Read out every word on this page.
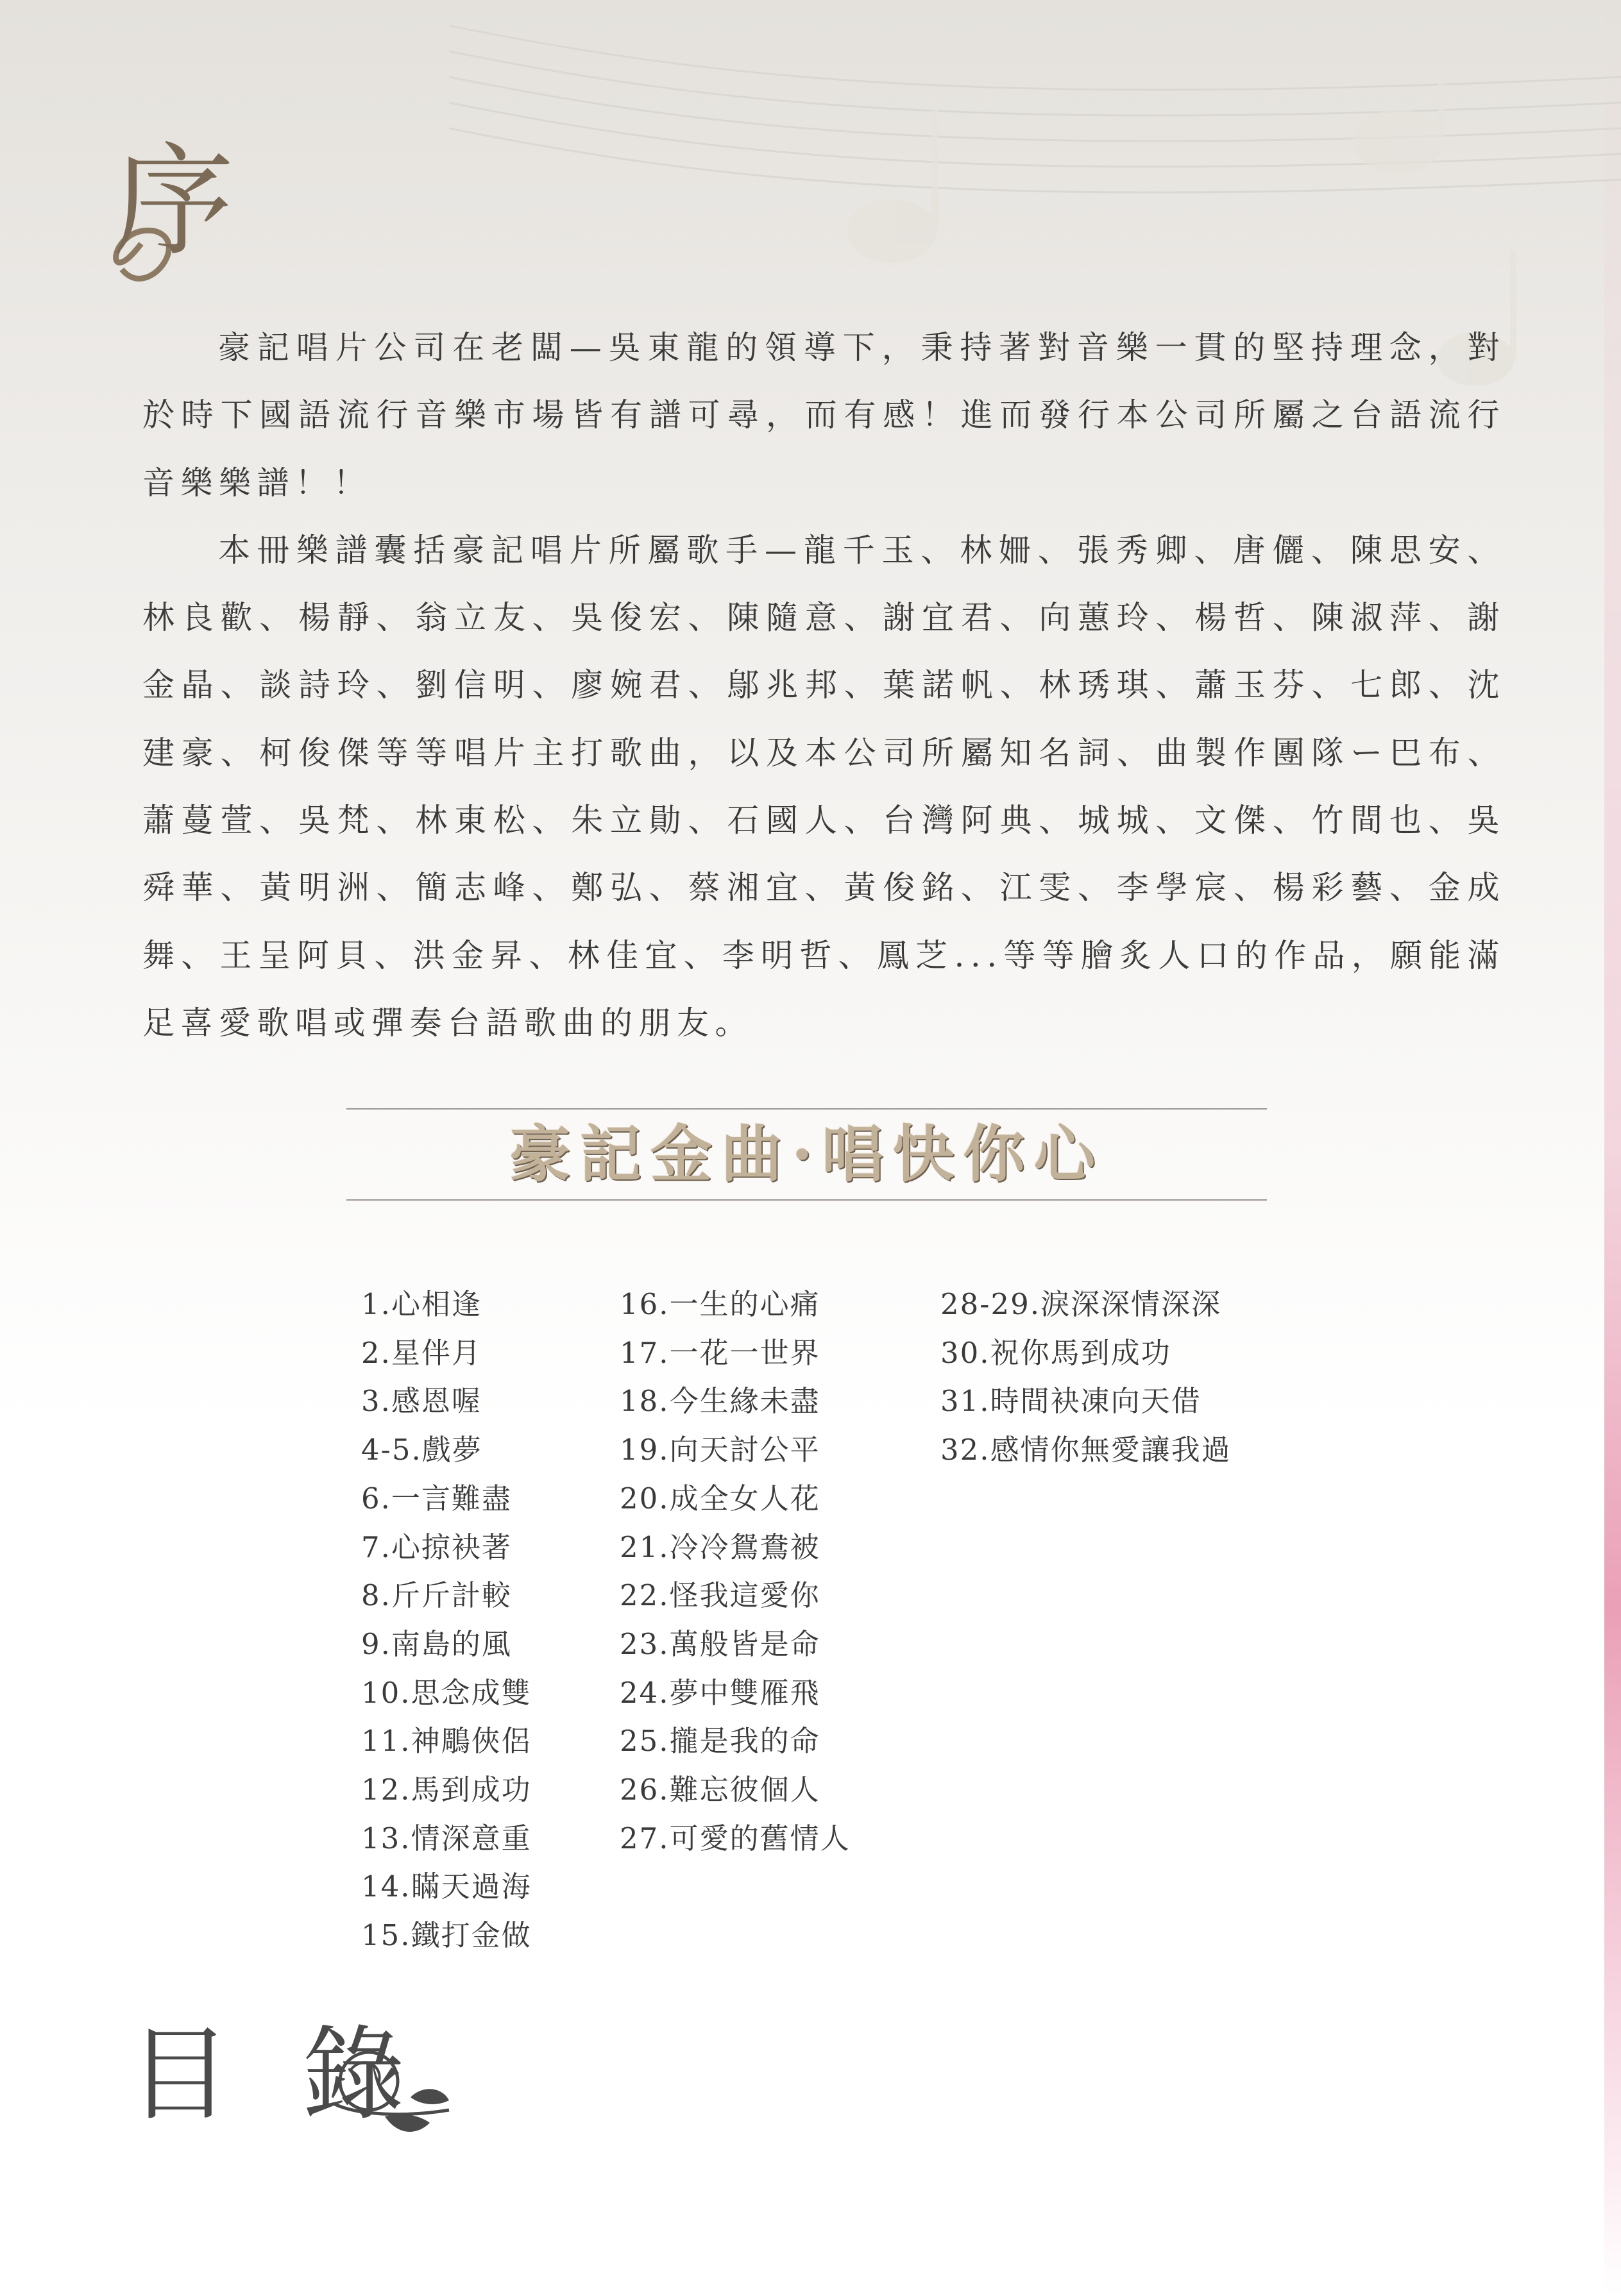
序

豪記唱片公司在老闆—吳東龍的領導下，秉持著對音樂一貫的堅持理念，對於時下國語流行音樂市場皆有譜可尋，而有感！進而發行本公司所屬之台語流行音樂樂譜！！

本冊樂譜囊括豪記唱片所屬歌手—龍千玉、林姍、張秀卿、唐儷、陳思安、林良歡、楊靜、翁立友、吳俊宏、陳隨意、謝宜君、向蕙玲、楊哲、陳淑萍、謝金晶、談詩玲、劉信明、廖婉君、鄔兆邦、葉諾帆、林琇琪、蕭玉芬、七郎、沈建豪、柯俊傑等等唱片主打歌曲，以及本公司所屬知名詞、曲製作團隊ー巴布、蕭蔓萱、吳梵、林東松、朱立勛、石國人、台灣阿典、城城、文傑、竹間也、吳舜華、黃明洲、簡志峰、鄭弘、蔡湘宜、黃俊銘、江雯、李學宸、楊彩藝、金成舞、王呈阿貝、洪金昇、林佳宜、李明哲、鳳芝...等等膾炙人口的作品，願能滿足喜愛歌唱或彈奏台語歌曲的朋友。

豪記金曲·唱快你心
1.心相逢
2.星伴月
3.感恩喔
4-5.戲夢
6.一言難盡
7.心掠袂著
8.斤斤計較
9.南島的風
10.思念成雙
11.神鵰俠侶
12.馬到成功
13.情深意重
14.瞞天過海
15.鐵打金做
16.一生的心痛
17.一花一世界
18.今生緣未盡
19.向天討公平
20.成全女人花
21.冷冷鴛鴦被
22.怪我這愛你
23.萬般皆是命
24.夢中雙雁飛
25.攏是我的命
26.難忘彼個人
27.可愛的舊情人
28-29.淚深深情深深
30.祝你馬到成功
31.時間袂凍向天借
32.感情你無愛讓我過
目 錄
